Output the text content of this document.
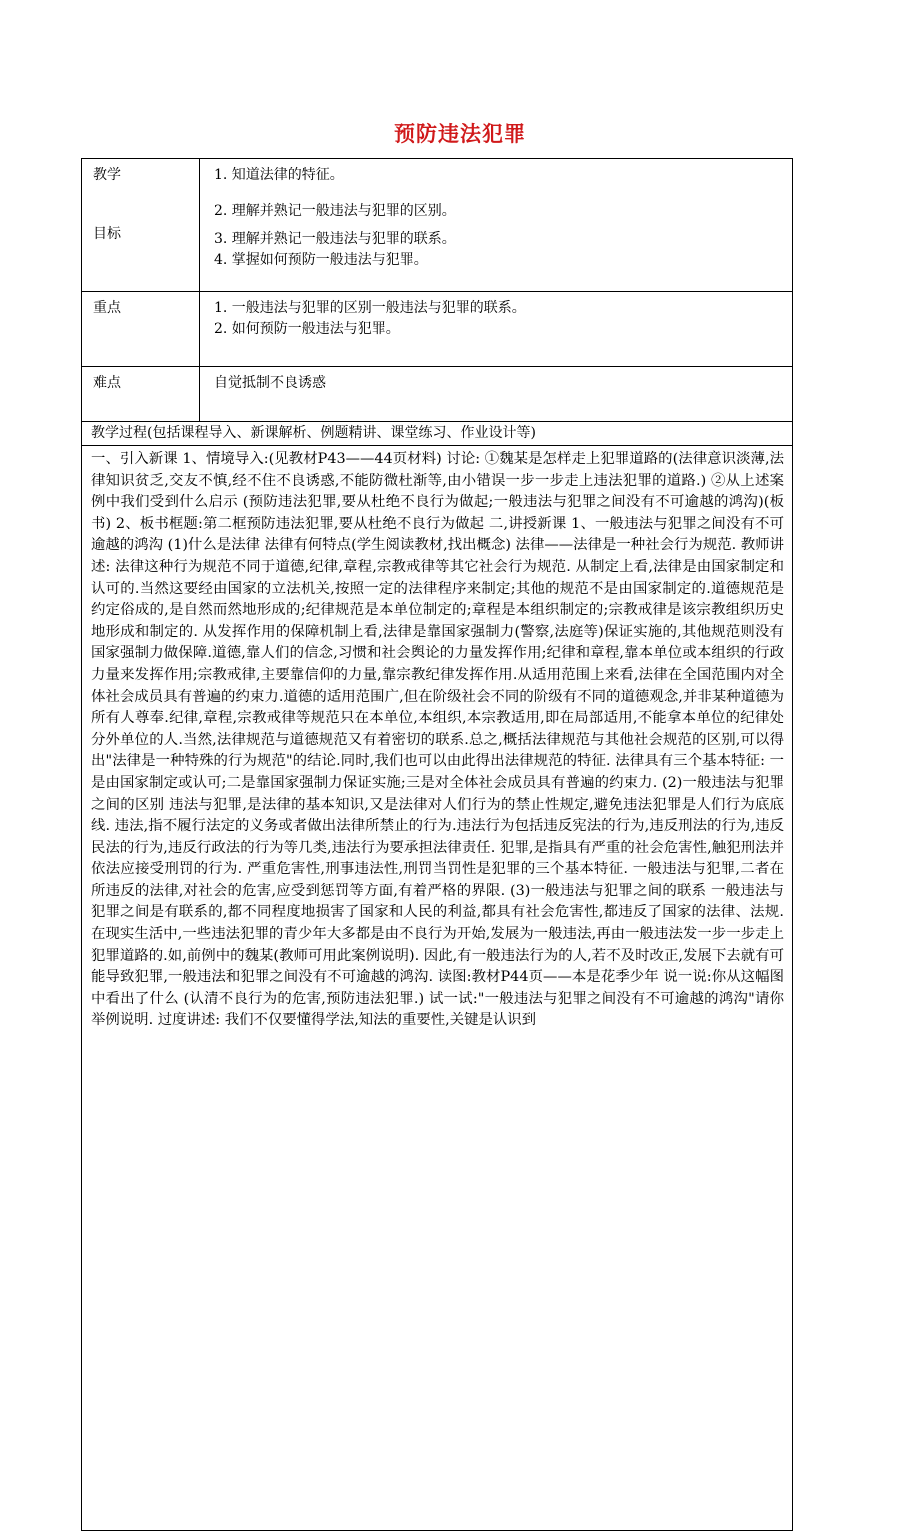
预防违法犯罪
教学
目标	1. 知道法律的特征。
2. 理解并熟记一般违法与犯罪的区别。
3. 理解并熟记一般违法与犯罪的联系。
4. 掌握如何预防一般违法与犯罪。

重点	1. 一般违法与犯罪的区别一般违法与犯罪的联系。
2. 如何预防一般违法与犯罪。

难点	自觉抵制不良诱惑

教学过程(包括课程导入、新课解析、例题精讲、课堂练习、作业设计等)	

一、引入新课 1、情境导入:(见教材P43——44页材料) 讨论: ①魏某是怎样走上犯罪道路的(法律意识淡薄,法律知识贫乏,交友不慎,经不住不良诱惑,不能防微杜渐等,由小错误一步一步走上违法犯罪的道路.) ②从上述案例中我们受到什么启示 (预防违法犯罪,要从杜绝不良行为做起;一般违法与犯罪之间没有不可逾越的鸿沟)(板书) 2、板书框题:第二框预防违法犯罪,要从杜绝不良行为做起 二,讲授新课 1、一般违法与犯罪之间没有不可逾越的鸿沟 (1)什么是法律 法律有何特点(学生阅读教材,找出概念) 法律——法律是一种社会行为规范. 教师讲述: 法律这种行为规范不同于道德,纪律,章程,宗教戒律等其它社会行为规范. 从制定上看,法律是由国家制定和认可的.当然这要经由国家的立法机关,按照一定的法律程序来制定;其他的规范不是由国家制定的.道德规范是约定俗成的,是自然而然地形成的;纪律规范是本单位制定的;章程是本组织制定的;宗教戒律是该宗教组织历史地形成和制定的. 从发挥作用的保障机制上看,法律是靠国家强制力(警察,法庭等)保证实施的,其他规范则没有国家强制力做保障.道德,靠人们的信念,习惯和社会舆论的力量发挥作用;纪律和章程,靠本单位或本组织的行政力量来发挥作用;宗教戒律,主要靠信仰的力量,靠宗教纪律发挥作用.从适用范围上来看,法律在全国范围内对全体社会成员具有普遍的约束力.道德的适用范围广,但在阶级社会不同的阶级有不同的道德观念,并非某种道德为所有人尊奉.纪律,章程,宗教戒律等规范只在本单位,本组织,本宗教适用,即在局部适用,不能拿本单位的纪律处分外单位的人.当然,法律规范与道德规范又有着密切的联系.总之,概括法律规范与其他社会规范的区别,可以得出"法律是一种特殊的行为规范"的结论.同时,我们也可以由此得出法律规范的特征. 法律具有三个基本特征: 一是由国家制定或认可;二是靠国家强制力保证实施;三是对全体社会成员具有普遍的约束力. (2)一般违法与犯罪之间的区别 违法与犯罪,是法律的基本知识,又是法律对人们行为的禁止性规定,避免违法犯罪是人们行为底底线. 违法,指不履行法定的义务或者做出法律所禁止的行为.违法行为包括违反宪法的行为,违反刑法的行为,违反民法的行为,违反行政法的行为等几类,违法行为要承担法律责任. 犯罪,是指具有严重的社会危害性,触犯刑法并依法应接受刑罚的行为. 严重危害性,刑事违法性,刑罚当罚性是犯罪的三个基本特征. 一般违法与犯罪,二者在所违反的法律,对社会的危害,应受到惩罚等方面,有着严格的界限. (3)一般违法与犯罪之间的联系 一般违法与犯罪之间是有联系的,都不同程度地损害了国家和人民的利益,都具有社会危害性,都违反了国家的法律、法规. 在现实生活中,一些违法犯罪的青少年大多都是由不良行为开始,发展为一般违法,再由一般违法发一步一步走上犯罪道路的.如,前例中的魏某(教师可用此案例说明). 因此,有一般违法行为的人,若不及时改正,发展下去就有可能导致犯罪,一般违法和犯罪之间没有不可逾越的鸿沟. 读图:教材P44页——本是花季少年 说一说:你从这幅图中看出了什么 (认清不良行为的危害,预防违法犯罪.) 试一试:"一般违法与犯罪之间没有不可逾越的鸿沟"请你举例说明. 过度讲述: 我们不仅要懂得学法,知法的重要性,关键是认识到	
